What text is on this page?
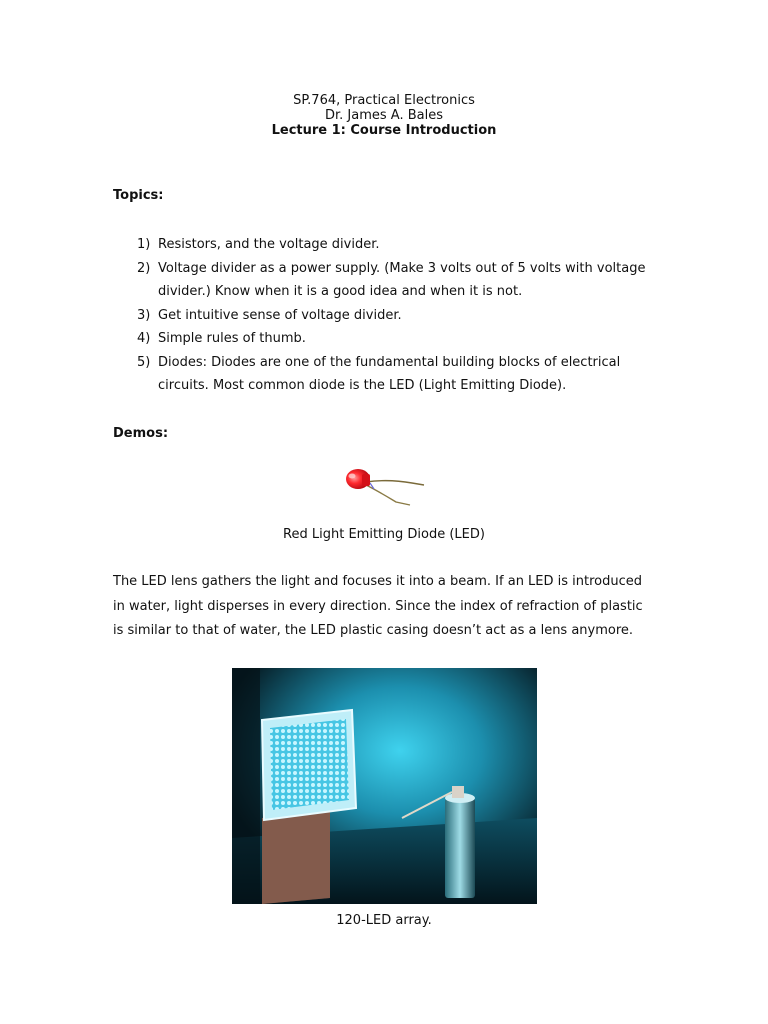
SP.764, Practical Electronics
Dr. James A. Bales
Lecture 1: Course Introduction
Topics:
1) Resistors, and the voltage divider.
2) Voltage divider as a power supply. (Make 3 volts out of 5 volts with voltage divider.) Know when it is a good idea and when it is not.
3) Get intuitive sense of voltage divider.
4) Simple rules of thumb.
5) Diodes: Diodes are one of the fundamental building blocks of electrical circuits. Most common diode is the LED (Light Emitting Diode).
Demos:
Red Light Emitting Diode (LED)
The LED lens gathers the light and focuses it into a beam. If an LED is introduced in water, light disperses in every direction. Since the index of refraction of plastic is similar to that of water, the LED plastic casing doesn’t act as a lens anymore.
120-LED array.
